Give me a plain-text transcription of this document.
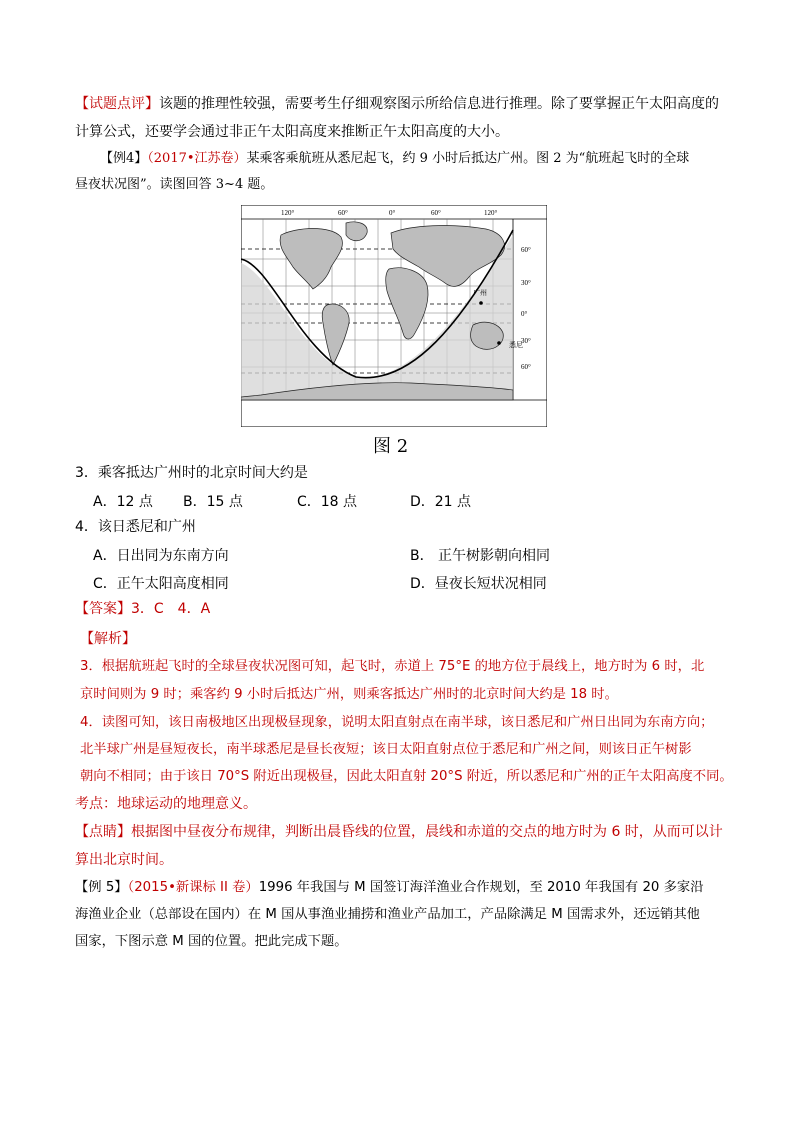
【试题点评】该题的推理性较强，需要考生仔细观察图示所给信息进行推理。除了要掌握正午太阳高度的
计算公式，还要学会通过非正午太阳高度来推断正午太阳高度的大小。
【例4】（2017•江苏卷）某乘客乘航班从悉尼起飞，约 9 小时后抵达广州。图 2 为“航班起飞时的全球
昼夜状况图”。读图回答 3~4 题。
120°	60°	0°	60°	120°
60°
30°
0°
30°
60°
广州
悉尼
图 2
3．乘客抵达广州时的北京时间大约是
A．12 点 B．15 点	C．18 点	D．21 点
4．该日悉尼和广州
A．日出同为东南方向	B． 正午树影朝向相同
C．正午太阳高度相同	D．昼夜长短状况相同
【答案】3．C　4．A
【解析】
3．根据航班起飞时的全球昼夜状况图可知，起飞时，赤道上 75°E 的地方位于晨线上，地方时为 6 时，北
京时间则为 9 时；乘客约 9 小时后抵达广州，则乘客抵达广州时的北京时间大约是 18 时。
4．读图可知，该日南极地区出现极昼现象，说明太阳直射点在南半球，该日悉尼和广州日出同为东南方向；
北半球广州是昼短夜长，南半球悉尼是昼长夜短；该日太阳直射点位于悉尼和广州之间，则该日正午树影
朝向不相同；由于该日 70°S 附近出现极昼，因此太阳直射 20°S 附近，所以悉尼和广州的正午太阳高度不同。
考点：地球运动的地理意义。
【点睛】根据图中昼夜分布规律，判断出晨昏线的位置，晨线和赤道的交点的地方时为 6 时，从而可以计
算出北京时间。
【例 5】（2015•新课标 II 卷）1996 年我国与 M 国签订海洋渔业合作规划，至 2010 年我国有 20 多家沿
海渔业企业（总部设在国内）在 M 国从事渔业捕捞和渔业产品加工，产品除满足 M 国需求外，还远销其他
国家，下图示意 M 国的位置。把此完成下题。
